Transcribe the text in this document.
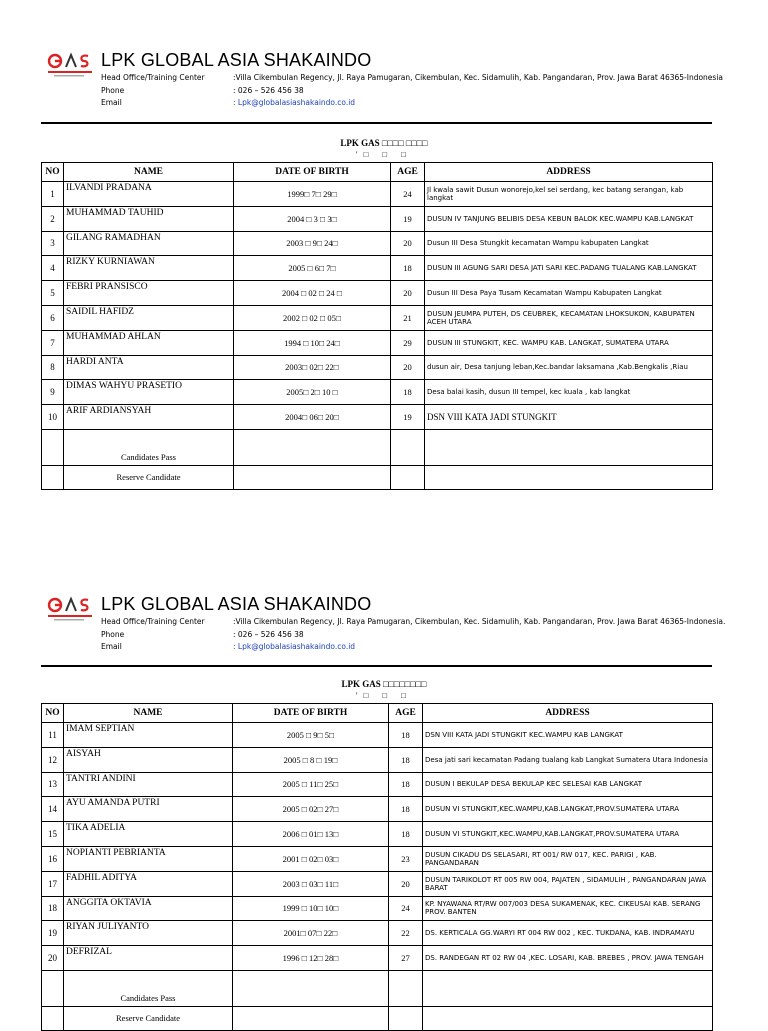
LPK GLOBAL ASIA SHAKAINDO
Head Office/Training Center	:Villa Cikembulan Regency, Jl. Raya Pamugaran, Cikembulan, Kec. Sidamulih, Kab. Pangandaran, Prov. Jawa Barat 46365-Indonesia
Phone	: 026 – 526 456 38
Email	: Lpk@globalasiashakaindo.co.id
LPK GAS □□□□ □□□□
'□ □ □
NO	NAME	DATE OF BIRTH	AGE	ADDRESS
1	ILVANDI PRADANA	1999□ 7□ 29□	24	Jl kwala sawit Dusun wonorejo,kel sei serdang, kec batang serangan, kab langkat
2	MUHAMMAD TAUHID	2004 □ 3 □ 3□	19	DUSUN IV TANJUNG BELIBIS DESA KEBUN BALOK KEC.WAMPU KAB.LANGKAT
3	GILANG RAMADHAN	2003 □ 9□ 24□	20	Dusun III Desa Stungkit kecamatan Wampu kabupaten Langkat
4	RIZKY KURNIAWAN	2005 □ 6□ 7□	18	DUSUN III AGUNG SARI DESA JATI SARI KEC.PADANG TUALANG KAB.LANGKAT
5	FEBRI PRANSISCO	2004 □ 02 □ 24 □	20	Dusun III Desa Paya Tusam Kecamatan Wampu Kabupaten Langkat
6	SAIDIL HAFIDZ	2002 □ 02 □ 05□	21	DUSUN JEUMPA PUTEH, DS CEUBREK, KECAMATAN LHOKSUKON, KABUPATEN ACEH UTARA
7	MUHAMMAD AHLAN	1994 □ 10□ 24□	29	DUSUN III STUNGKIT, KEC. WAMPU KAB. LANGKAT, SUMATERA UTARA
8	HARDI ANTA	2003□ 02□ 22□	20	dusun air, Desa tanjung leban,Kec.bandar laksamana ,Kab.Bengkalis ,Riau
9	DIMAS WAHYU PRASETIO	2005□ 2□ 10 □	18	Desa balai kasih, dusun III tempel, kec kuala , kab langkat
10	ARIF ARDIANSYAH	2004□ 06□ 20□	19	DSN VIII KATA JADI STUNGKIT
	Candidates Pass			
	Reserve Candidate			
LPK GLOBAL ASIA SHAKAINDO
Head Office/Training Center	:Villa Cikembulan Regency, Jl. Raya Pamugaran, Cikembulan, Kec. Sidamulih, Kab. Pangandaran, Prov. Jawa Barat 46365-Indonesia.
Phone	: 026 – 526 456 38
Email	: Lpk@globalasiashakaindo.co.id
LPK GAS □□□□□□□□
'□ □ □
NO	NAME	DATE OF BIRTH	AGE	ADDRESS
11	IMAM SEPTIAN	2005 □ 9□ 5□	18	DSN VIII KATA JADI STUNGKIT KEC.WAMPU KAB LANGKAT
12	AISYAH	2005 □ 8 □ 19□	18	Desa jati sari kecamatan Padang tualang kab Langkat Sumatera Utara Indonesia
13	TANTRI ANDINI	2005 □ 11□ 25□	18	DUSUN I BEKULAP DESA BEKULAP KEC SELESAI KAB LANGKAT
14	AYU AMANDA PUTRI	2005 □ 02□ 27□	18	DUSUN VI STUNGKIT,KEC.WAMPU,KAB.LANGKAT,PROV.SUMATERA UTARA
15	TIKA ADELIA	2006 □ 01□ 13□	18	DUSUN VI STUNGKIT,KEC.WAMPU,KAB.LANGKAT,PROV.SUMATERA UTARA
16	NOPIANTI PEBRIANTA	2001 □ 02□ 03□	23	DUSUN CIKADU DS SELASARI, RT 001/ RW 017, KEC. PARIGI , KAB. PANGANDARAN
17	FADHIL ADITYA	2003 □ 03□ 11□	20	DUSUN TARIKOLOT RT 005 RW 004, PAJATEN , SIDAMULIH , PANGANDARAN JAWA BARAT
18	ANGGITA OKTAVIA	1999 □ 10□ 10□	24	KP. NYAWANA RT/RW 007/003 DESA SUKAMENAK, KEC. CIKEUSAI KAB. SERANG PROV. BANTEN
19	RIYAN JULIYANTO	2001□ 07□ 22□	22	DS. KERTICALA GG.WARYI RT 004 RW 002 , KEC. TUKDANA, KAB. INDRAMAYU
20	DEFRIZAL	1996 □ 12□ 28□	27	DS. RANDEGAN RT 02 RW 04 ,KEC. LOSARI, KAB. BREBES , PROV. JAWA TENGAH
	Candidates Pass			
	Reserve Candidate			
